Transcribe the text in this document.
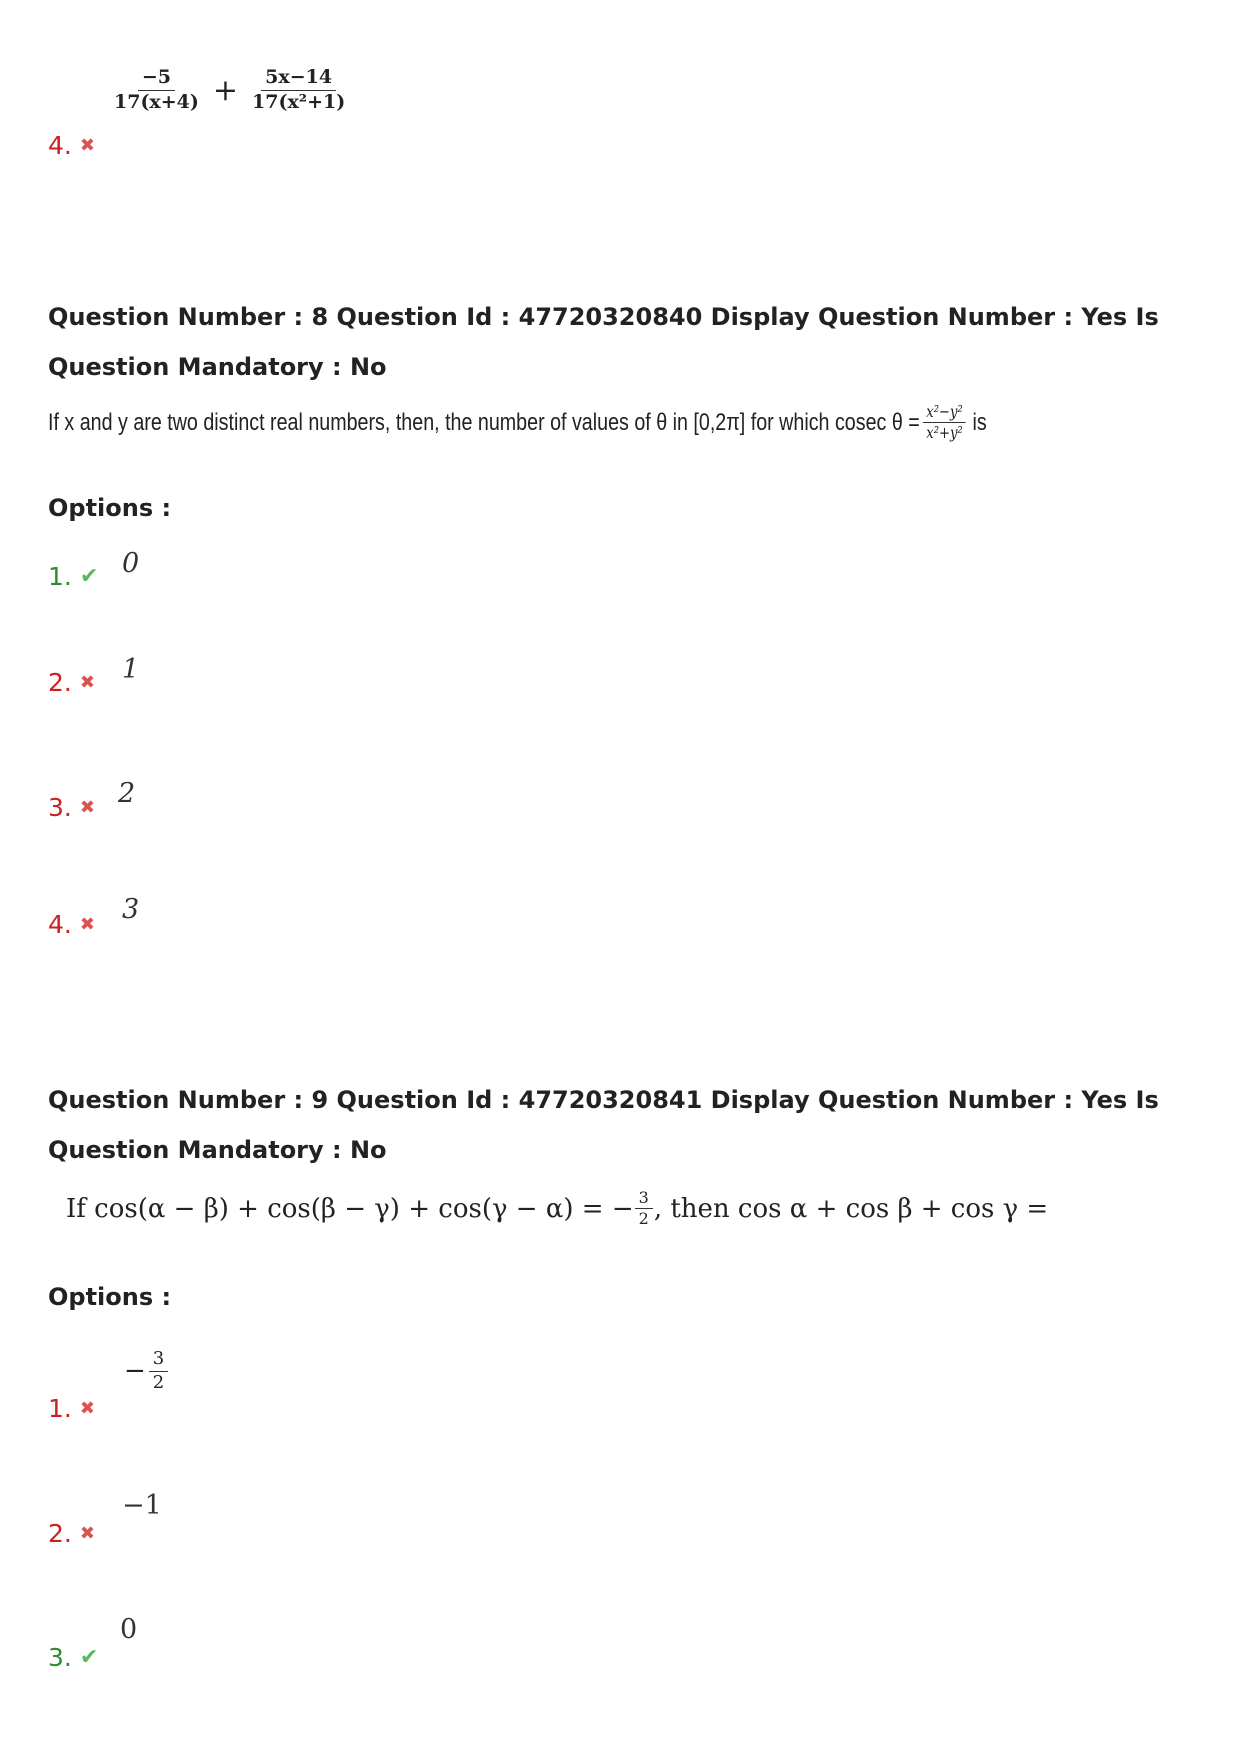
$\frac{-5}{17(x+4)} + \frac{5x-14}{\text{17(x²+1)}}$
4. ✖
Question Number : 8 Question Id : 47720320840 Display Question Number : Yes Is Question Mandatory : No
If x and y are two distinct real numbers, then, the number of values of θ in [0,2π] for which cosec $\theta = \frac{\text{x²−y²}}{\text{x²+y²}}$ is
Options :
1. ✔ 0
2. ✖ 1
3. ✖ 2
4. ✖ 3
Question Number : 9 Question Id : 47720320841 Display Question Number : Yes Is Question Mandatory : No
If cos(α − β) + cos(β − γ) + cos(γ − α) = − $\frac{3}{2}$ , then cos α + cos β + cos γ =
Options :
− $\frac{3}{2}$
1. ✖
−1
2. ✖
0
3. ✔
